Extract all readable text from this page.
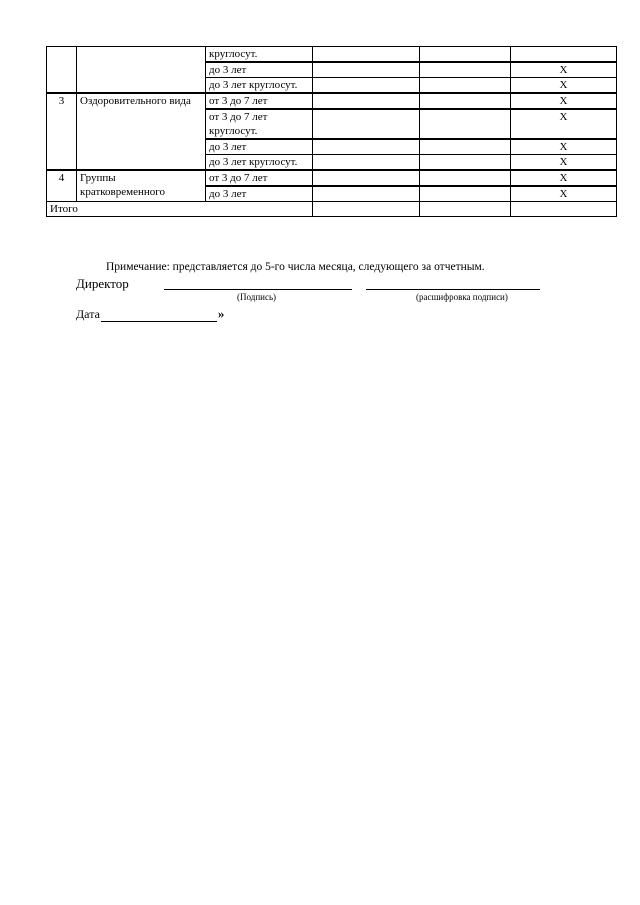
		круглосут.			
		до 3 лет			X
		до 3 лет круглосут.			X
3	Оздоровительного вида	от 3 до 7 лет			X
		от 3 до 7 лет круглосут.			X
		до 3 лет			X
		до 3 лет круглосут.			X
4	Группы кратковременного	от 3 до 7 лет			X
		до 3 лет			X
Итого					
Примечание: представляется до 5-го числа месяца, следующего за отчетным.
Директор
(Подпись)	(расшифровка подписи)
Дата	»
